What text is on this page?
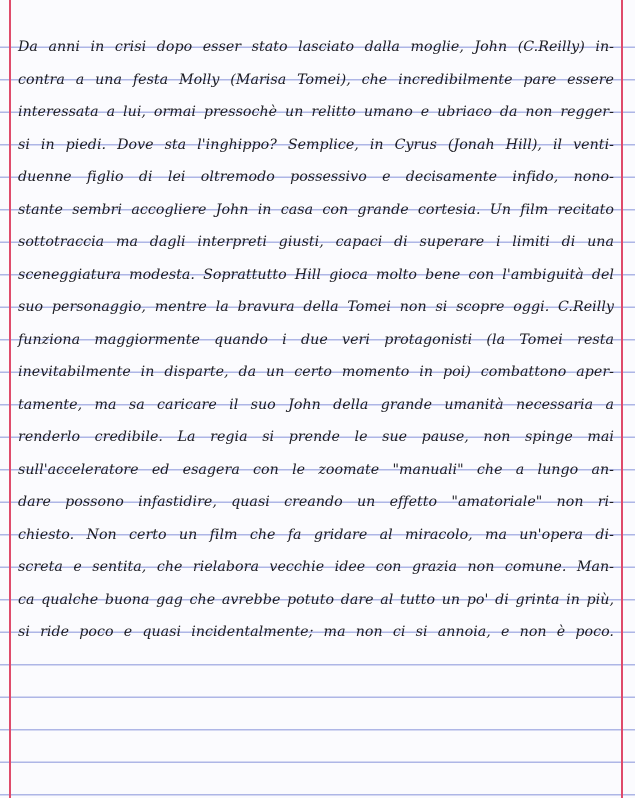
Da anni in crisi dopo esser stato lasciato dalla moglie, John (C.Reilly) in-
contra a una festa Molly (Marisa Tomei), che incredibilmente pare essere
interessata a lui, ormai pressochè un relitto umano e ubriaco da non regger-
si in piedi. Dove sta l'inghippo? Semplice, in Cyrus (Jonah Hill), il venti-
duenne figlio di lei oltremodo possessivo e decisamente infido, nono-
stante sembri accogliere John in casa con grande cortesia. Un film recitato
sottotraccia ma dagli interpreti giusti, capaci di superare i limiti di una
sceneggiatura modesta. Soprattutto Hill gioca molto bene con l'ambiguità del
suo personaggio, mentre la bravura della Tomei non si scopre oggi. C.Reilly
funziona maggiormente quando i due veri protagonisti (la Tomei resta
inevitabilmente in disparte, da un certo momento in poi) combattono aper-
tamente, ma sa caricare il suo John della grande umanità necessaria a
renderlo credibile. La regia si prende le sue pause, non spinge mai
sull'acceleratore ed esagera con le zoomate "manuali" che a lungo an-
dare possono infastidire, quasi creando un effetto "amatoriale" non ri-
chiesto. Non certo un film che fa gridare al miracolo, ma un'opera di-
screta e sentita, che rielabora vecchie idee con grazia non comune. Man-
ca qualche buona gag che avrebbe potuto dare al tutto un po' di grinta in più,
si ride poco e quasi incidentalmente; ma non ci si annoia, e non è poco.
